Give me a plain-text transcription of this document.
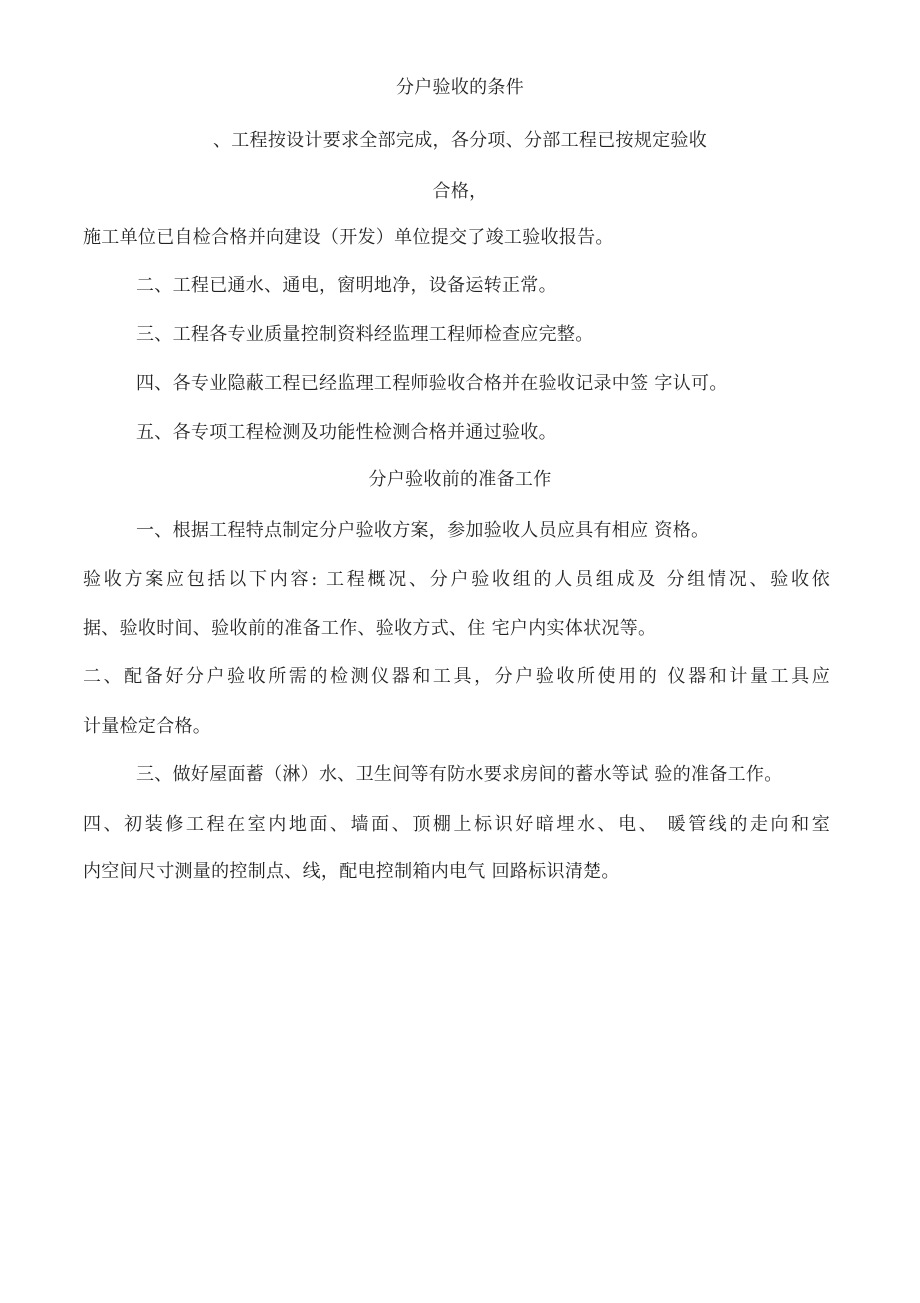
分户验收的条件
、工程按设计要求全部完成，各分项、分部工程已按规定验收
合格，
施工单位已自检合格并向建设（开发）单位提交了竣工验收报告。
二、工程已通水、通电，窗明地净，设备运转正常。
三、工程各专业质量控制资料经监理工程师检查应完整。
四、各专业隐蔽工程已经监理工程师验收合格并在验收记录中签 字认可。
五、各专项工程检测及功能性检测合格并通过验收。
分户验收前的准备工作
一、根据工程特点制定分户验收方案，参加验收人员应具有相应 资格。
验收方案应包括以下内容: 工程概况、分户验收组的人员组成及 分组情况、验收依
据、验收时间、验收前的准备工作、验收方式、住 宅户内实体状况等。
二、配备好分户验收所需的检测仪器和工具，分户验收所使用的 仪器和计量工具应
计量检定合格。
三、做好屋面蓄（淋）水、卫生间等有防水要求房间的蓄水等试 验的准备工作。
四、初装修工程在室内地面、墙面、顶棚上标识好暗埋水、电、 暖管线的走向和室
内空间尺寸测量的控制点、线，配电控制箱内电气 回路标识清楚。
